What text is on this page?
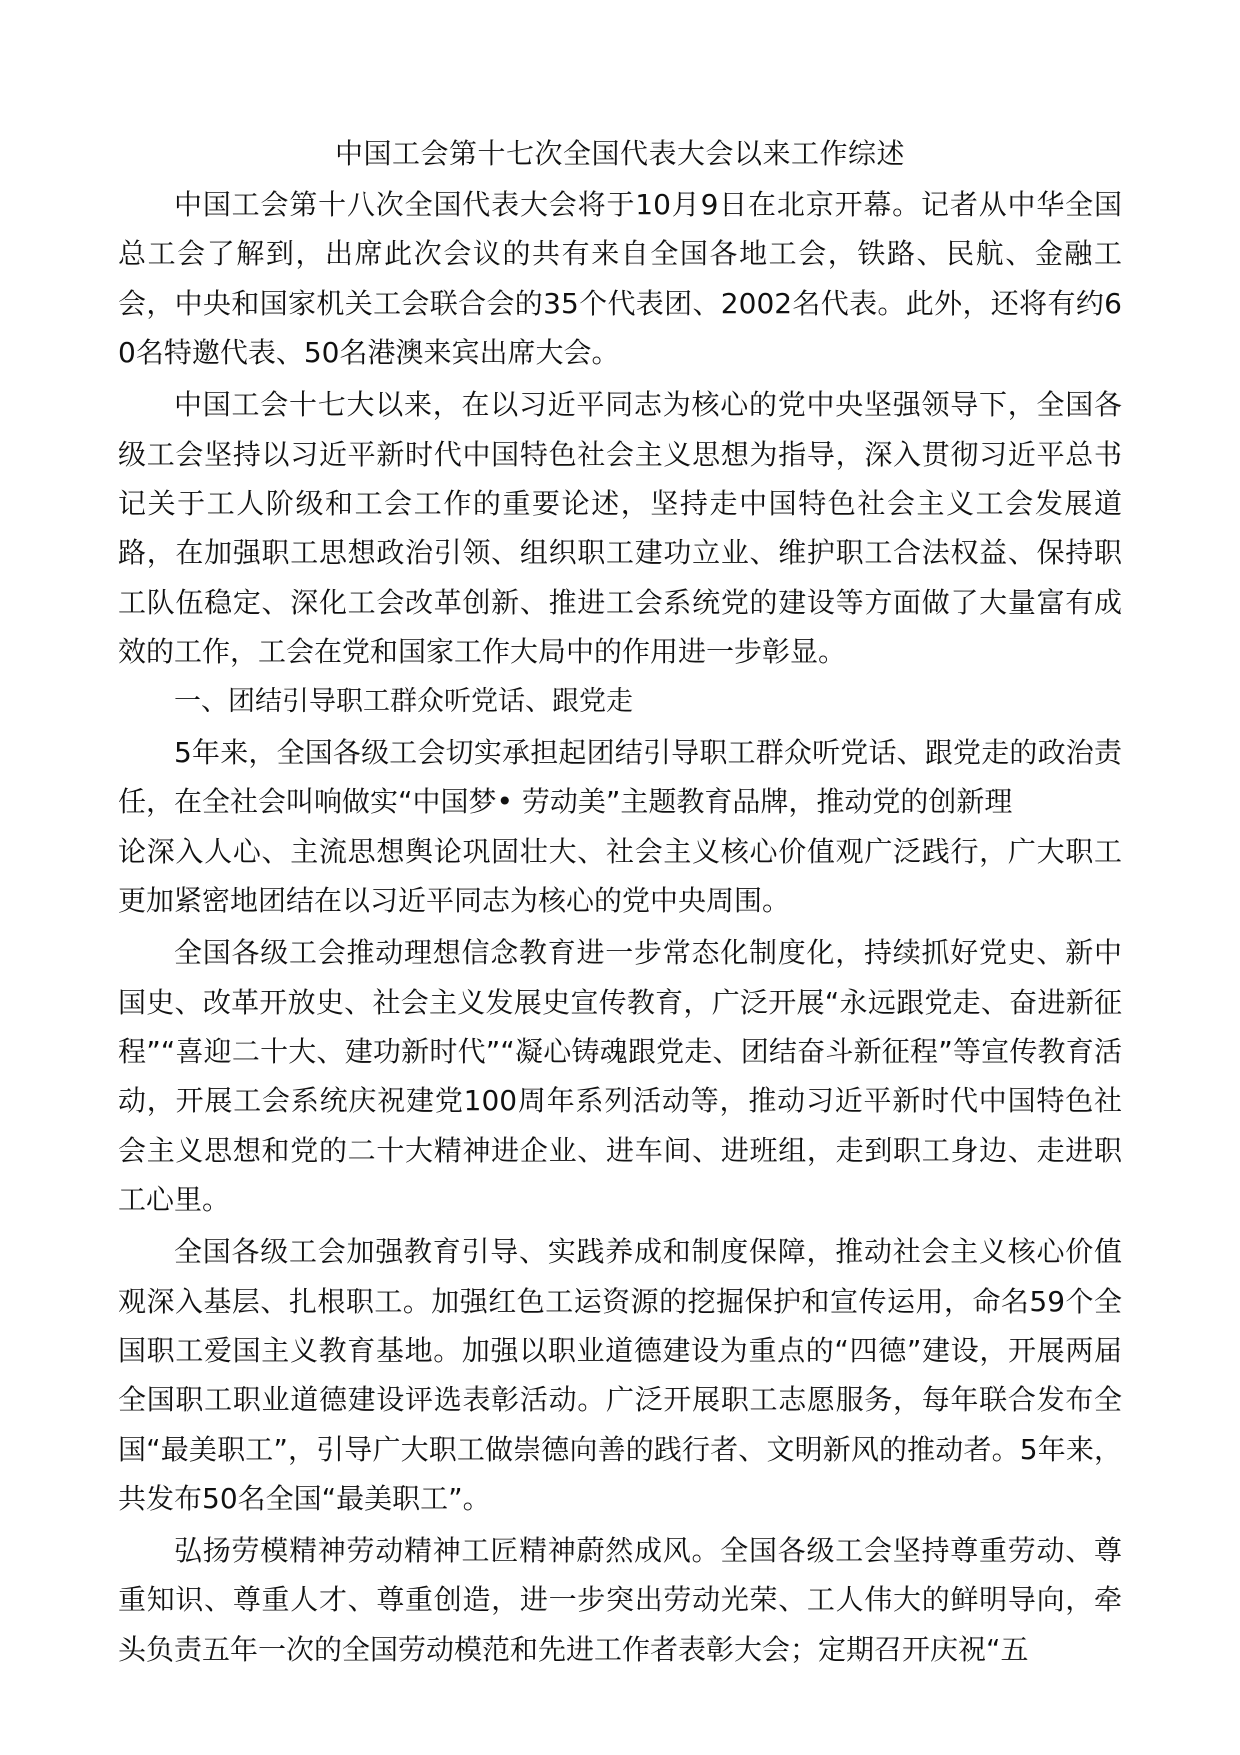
中国工会第十七次全国代表大会以来工作综述

中国工会第十八次全国代表大会将于10月9日在北京开幕。记者从中华全国总工会了解到，出席此次会议的共有来自全国各地工会，铁路、民航、金融工会，中央和国家机关工会联合会的35个代表团、2002名代表。此外，还将有约60名特邀代表、50名港澳来宾出席大会。

中国工会十七大以来，在以习近平同志为核心的党中央坚强领导下，全国各级工会坚持以习近平新时代中国特色社会主义思想为指导，深入贯彻习近平总书记关于工人阶级和工会工作的重要论述，坚持走中国特色社会主义工会发展道路，在加强职工思想政治引领、组织职工建功立业、维护职工合法权益、保持职工队伍稳定、深化工会改革创新、推进工会系统党的建设等方面做了大量富有成效的工作，工会在党和国家工作大局中的作用进一步彰显。

一、团结引导职工群众听党话、跟党走

5年来，全国各级工会切实承担起团结引导职工群众听党话、跟党走的政治责任，在全社会叫响做实“中国梦• 劳动美”主题教育品牌，推动党的创新理

论深入人心、主流思想舆论巩固壮大、社会主义核心价值观广泛践行，广大职工更加紧密地团结在以习近平同志为核心的党中央周围。

全国各级工会推动理想信念教育进一步常态化制度化，持续抓好党史、新中国史、改革开放史、社会主义发展史宣传教育，广泛开展“永远跟党走、奋进新征程”“喜迎二十大、建功新时代”“凝心铸魂跟党走、团结奋斗新征程”等宣传教育活动，开展工会系统庆祝建党100周年系列活动等，推动习近平新时代中国特色社会主义思想和党的二十大精神进企业、进车间、进班组，走到职工身边、走进职工心里。

全国各级工会加强教育引导、实践养成和制度保障，推动社会主义核心价值观深入基层、扎根职工。加强红色工运资源的挖掘保护和宣传运用，命名59个全国职工爱国主义教育基地。加强以职业道德建设为重点的“四德”建设，开展两届全国职工职业道德建设评选表彰活动。广泛开展职工志愿服务，每年联合发布全国“最美职工”，引导广大职工做崇德向善的践行者、文明新风的推动者。5年来，共发布50名全国“最美职工”。

弘扬劳模精神劳动精神工匠精神蔚然成风。全国各级工会坚持尊重劳动、尊重知识、尊重人才、尊重创造，进一步突出劳动光荣、工人伟大的鲜明导向，牵头负责五年一次的全国劳动模范和先进工作者表彰大会；定期召开庆祝“五
